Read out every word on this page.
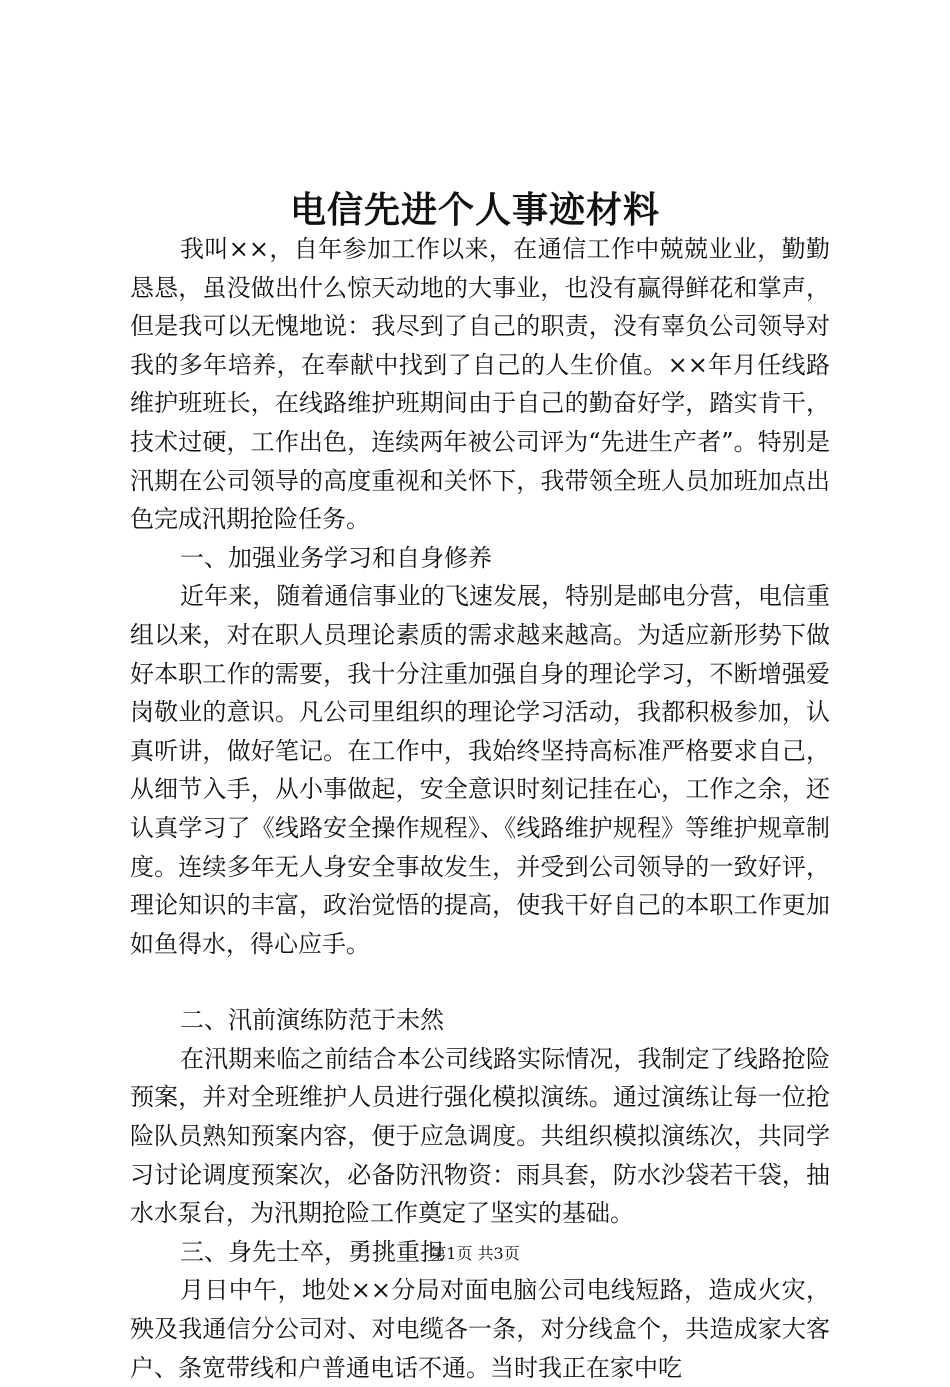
电信先进个人事迹材料

我叫××，自年参加工作以来，在通信工作中兢兢业业，勤勤恳恳，虽没做出什么惊天动地的大事业，也没有赢得鲜花和掌声，但是我可以无愧地说：我尽到了自己的职责，没有辜负公司领导对我的多年培养，在奉献中找到了自己的人生价值。××年月任线路维护班班长，在线路维护班期间由于自己的勤奋好学，踏实肯干，技术过硬，工作出色，连续两年被公司评为“先进生产者”。特别是汛期在公司领导的高度重视和关怀下，我带领全班人员加班加点出色完成汛期抢险任务。

一、加强业务学习和自身修养

近年来，随着通信事业的飞速发展，特别是邮电分营，电信重组以来，对在职人员理论素质的需求越来越高。为适应新形势下做好本职工作的需要，我十分注重加强自身的理论学习，不断增强爱岗敬业的意识。凡公司里组织的理论学习活动，我都积极参加，认真听讲，做好笔记。在工作中，我始终坚持高标准严格要求自己，从细节入手，从小事做起，安全意识时刻记挂在心，工作之余，还认真学习了《线路安全操作规程》、《线路维护规程》等维护规章制度。连续多年无人身安全事故发生，并受到公司领导的一致好评，理论知识的丰富，政治觉悟的提高，使我干好自己的本职工作更加如鱼得水，得心应手。

二、汛前演练防范于未然

在汛期来临之前结合本公司线路实际情况，我制定了线路抢险预案，并对全班维护人员进行强化模拟演练。通过演练让每一位抢险队员熟知预案内容，便于应急调度。共组织模拟演练次，共同学习讨论调度预案次，必备防汛物资：雨具套，防水沙袋若干袋，抽水水泵台，为汛期抢险工作奠定了坚实的基础。

三、身先士卒，勇挑重担

月日中午，地处××分局对面电脑公司电线短路，造成火灾，殃及我通信分公司对、对电缆各一条，对分线盒个，共造成家大客户、条宽带线和户普通电话不通。当时我正在家中吃

第1页 共3页
